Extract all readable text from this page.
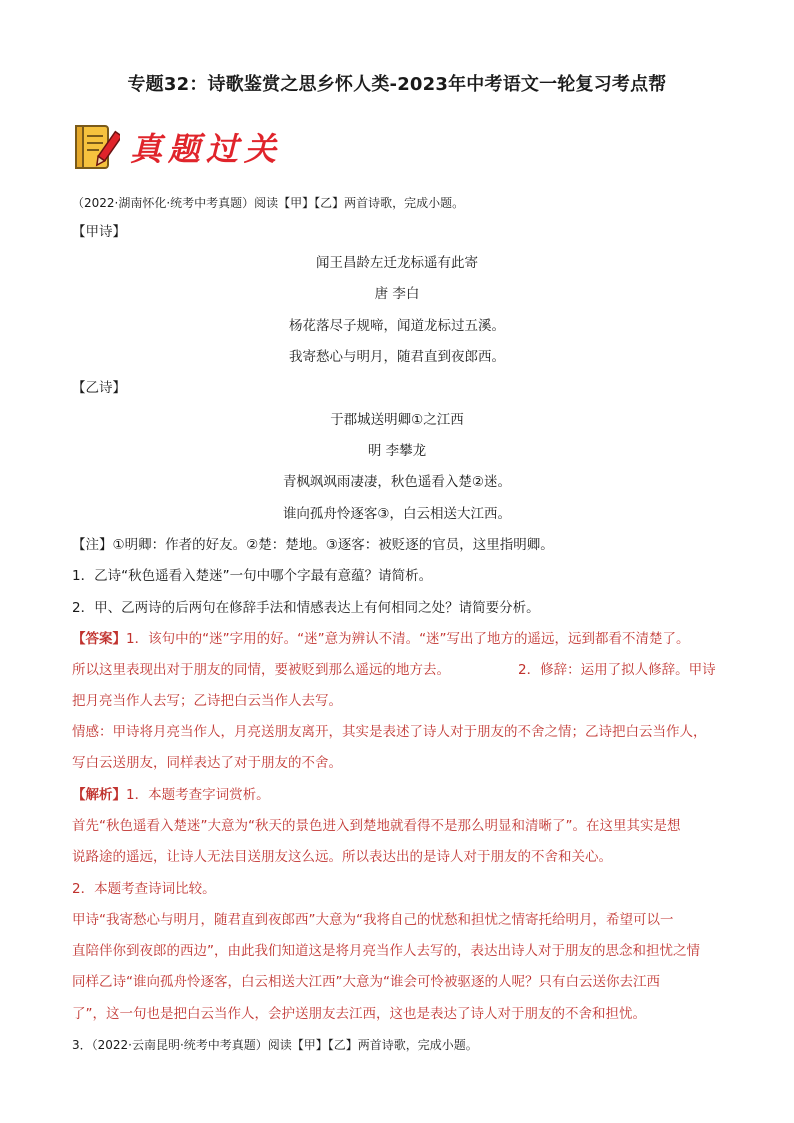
专题32：诗歌鉴赏之思乡怀人类-2023年中考语文一轮复习考点帮
真题过关
（2022·湖南怀化·统考中考真题）阅读【甲】【乙】两首诗歌，完成小题。
【甲诗】
闻王昌龄左迁龙标遥有此寄
唐 李白
杨花落尽子规啼，闻道龙标过五溪。
我寄愁心与明月，随君直到夜郎西。
【乙诗】
于郡城送明卿①之江西
明 李攀龙
青枫飒飒雨凄凄，秋色遥看入楚②迷。
谁向孤舟怜逐客③，白云相送大江西。
【注】①明卿：作者的好友。②楚：楚地。③逐客：被贬逐的官员，这里指明卿。
1．乙诗“秋色遥看入楚迷”一句中哪个字最有意蕴？请简析。
2．甲、乙两诗的后两句在修辞手法和情感表达上有何相同之处？请简要分析。
【答案】1．该句中的“迷”字用的好。“迷”意为辨认不清。“迷”写出了地方的遥远，远到都看不清楚了。
所以这里表现出对于朋友的同情，要被贬到那么遥远的地方去。	2．修辞：运用了拟人修辞。甲诗
把月亮当作人去写；乙诗把白云当作人去写。
情感：甲诗将月亮当作人，月亮送朋友离开，其实是表述了诗人对于朋友的不舍之情；乙诗把白云当作人，
写白云送朋友，同样表达了对于朋友的不舍。
【解析】1．本题考查字词赏析。
首先“秋色遥看入楚迷”大意为“秋天的景色进入到楚地就看得不是那么明显和清晰了”。在这里其实是想
说路途的遥远，让诗人无法目送朋友这么远。所以表达出的是诗人对于朋友的不舍和关心。
2．本题考查诗词比较。
甲诗“我寄愁心与明月，随君直到夜郎西”大意为“我将自己的忧愁和担忧之情寄托给明月，希望可以一
直陪伴你到夜郎的西边”，由此我们知道这是将月亮当作人去写的，表达出诗人对于朋友的思念和担忧之情
同样乙诗“谁向孤舟怜逐客，白云相送大江西”大意为“谁会可怜被驱逐的人呢？只有白云送你去江西
了”，这一句也是把白云当作人，会护送朋友去江西，这也是表达了诗人对于朋友的不舍和担忧。
3．（2022·云南昆明·统考中考真题）阅读【甲】【乙】两首诗歌，完成小题。
